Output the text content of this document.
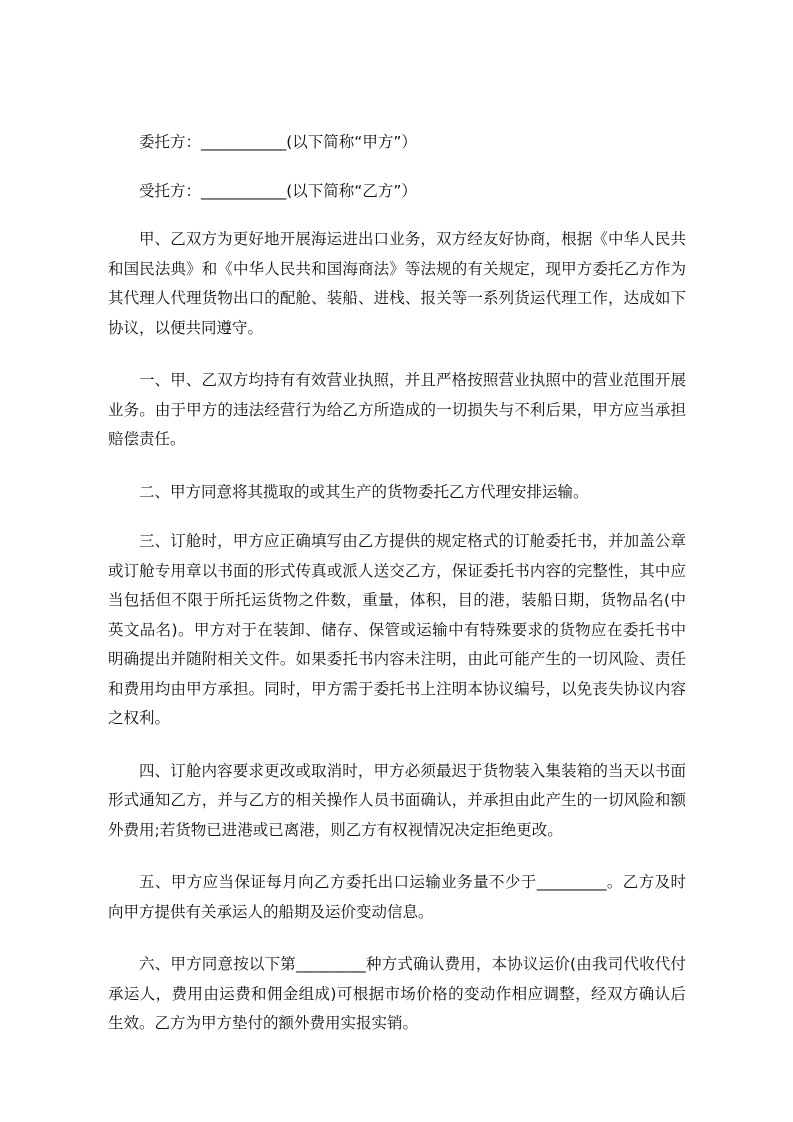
委托方：___________(以下简称“甲方”）

受托方：___________(以下简称“乙方”）

甲、乙双方为更好地开展海运进出口业务，双方经友好协商，根据《中华人民共和国民法典》和《中华人民共和国海商法》等法规的有关规定，现甲方委托乙方作为其代理人代理货物出口的配舱、装船、进栈、报关等一系列货运代理工作，达成如下协议，以便共同遵守。

一、甲、乙双方均持有有效营业执照，并且严格按照营业执照中的营业范围开展业务。由于甲方的违法经营行为给乙方所造成的一切损失与不利后果，甲方应当承担赔偿责任。

二、甲方同意将其揽取的或其生产的货物委托乙方代理安排运输。

三、订舱时，甲方应正确填写由乙方提供的规定格式的订舱委托书，并加盖公章或订舱专用章以书面的形式传真或派人送交乙方，保证委托书内容的完整性，其中应当包括但不限于所托运货物之件数，重量，体积，目的港，装船日期，货物品名(中英文品名)。甲方对于在装卸、储存、保管或运输中有特殊要求的货物应在委托书中明确提出并随附相关文件。如果委托书内容未注明，由此可能产生的一切风险、责任和费用均由甲方承担。同时，甲方需于委托书上注明本协议编号，以免丧失协议内容之权利。

四、订舱内容要求更改或取消时，甲方必须最迟于货物装入集装箱的当天以书面形式通知乙方，并与乙方的相关操作人员书面确认，并承担由此产生的一切风险和额外费用;若货物已进港或已离港，则乙方有权视情况决定拒绝更改。

五、甲方应当保证每月向乙方委托出口运输业务量不少于_________。乙方及时向甲方提供有关承运人的船期及运价变动信息。

六、甲方同意按以下第_________种方式确认费用，本协议运价(由我司代收代付承运人，费用由运费和佣金组成)可根据市场价格的变动作相应调整，经双方确认后生效。乙方为甲方垫付的额外费用实报实销。
